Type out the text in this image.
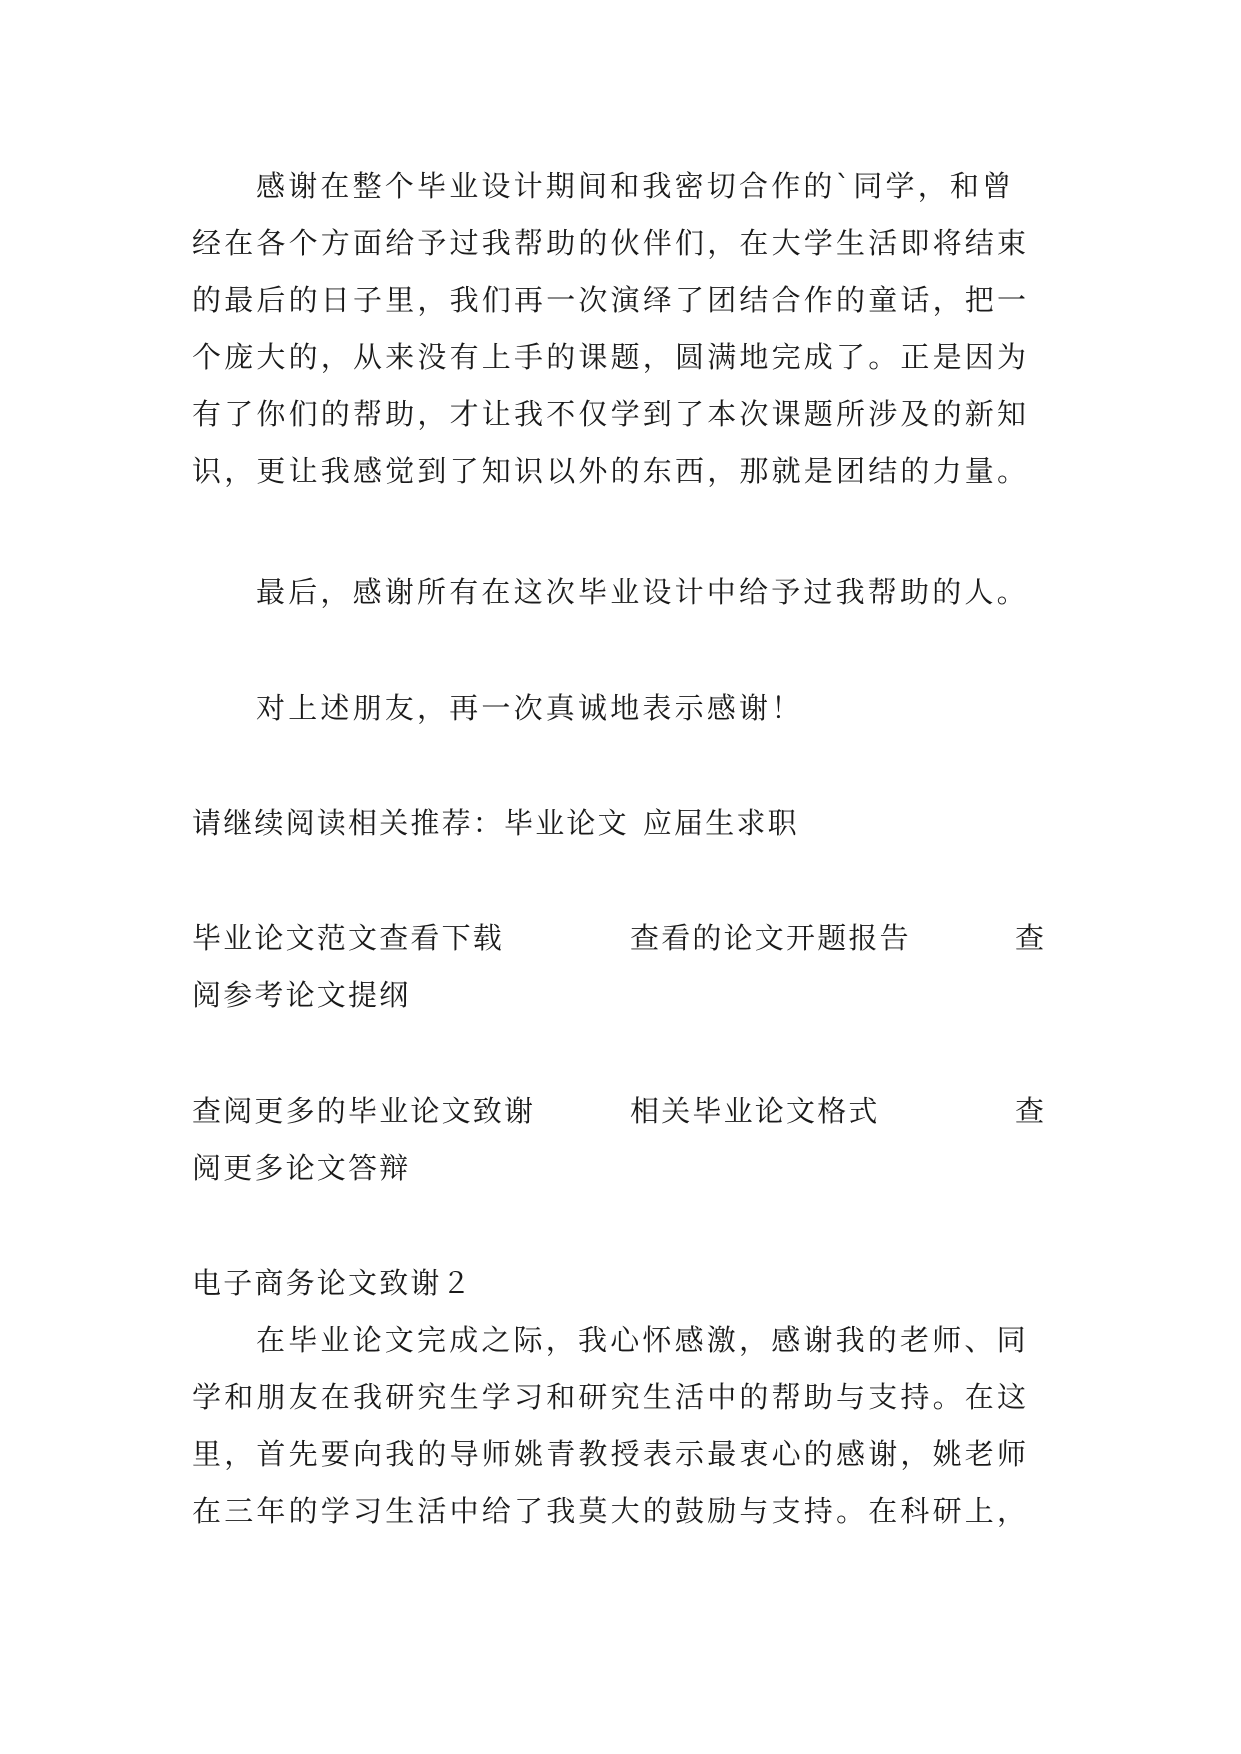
感谢在整个毕业设计期间和我密切合作的`同学，和曾
经在各个方面给予过我帮助的伙伴们，在大学生活即将结束
的最后的日子里，我们再一次演绎了团结合作的童话，把一
个庞大的，从来没有上手的课题，圆满地完成了。正是因为
有了你们的帮助，才让我不仅学到了本次课题所涉及的新知
识，更让我感觉到了知识以外的东西，那就是团结的力量。
最后，感谢所有在这次毕业设计中给予过我帮助的人。
对上述朋友，再一次真诚地表示感谢！
请继续阅读相关推荐：毕业论文 应届生求职
毕业论文范文查看下载	查看的论文开题报告	查
阅参考论文提纲
查阅更多的毕业论文致谢	相关毕业论文格式	查
阅更多论文答辩
电子商务论文致谢２
在毕业论文完成之际，我心怀感激，感谢我的老师、同
学和朋友在我研究生学习和研究生活中的帮助与支持。在这
里，首先要向我的导师姚青教授表示最衷心的感谢，姚老师
在三年的学习生活中给了我莫大的鼓励与支持。在科研上，
